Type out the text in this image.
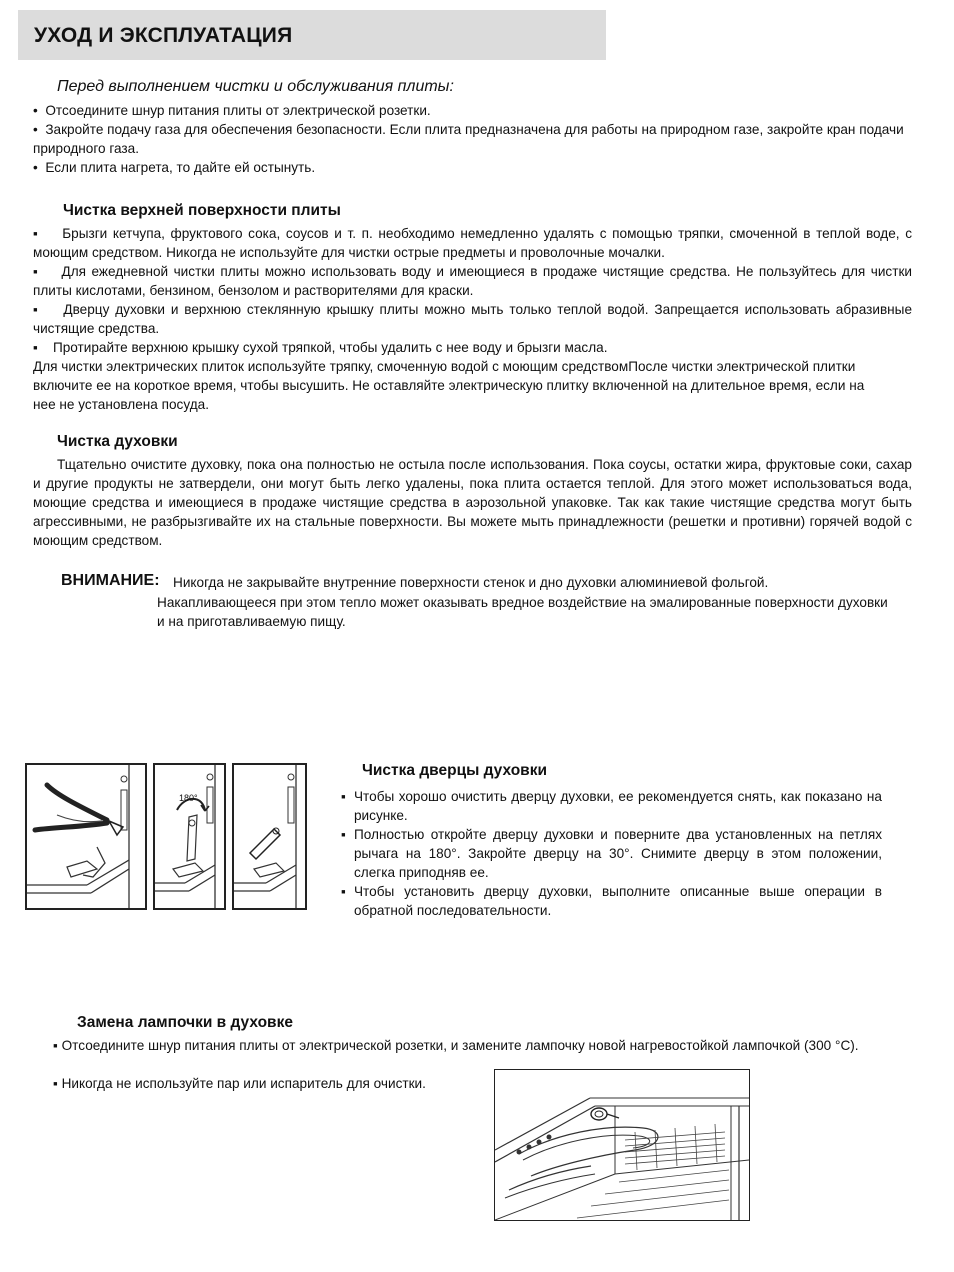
УХОД И ЭКСПЛУАТАЦИЯ

Перед выполнением чистки и обслуживания плиты:

• Отсоедините шнур питания плиты от электрической розетки.

• Закройте подачу газа для обеспечения безопасности. Если плита предназначена для работы на природном газе, закройте кран подачи природного газа.

• Если плита нагрета, то дайте ей остынуть.

Чистка верхней поверхности плиты

▪ Брызги кетчупа, фруктового сока, соусов и т. п. необходимо немедленно удалять с помощью тряпки, смоченной в теплой воде, с моющим средством. Никогда не используйте для чистки острые предметы и проволочные мочалки.

▪ Для ежедневной чистки плиты можно использовать воду и имеющиеся в продаже чистящие средства. Не пользуйтесь для чистки плиты кислотами, бензином, бензолом и растворителями для краски.

▪ Дверцу духовки и верхнюю стеклянную крышку плиты можно мыть только теплой водой. Запрещается использовать абразивные чистящие средства.

▪ Протирайте верхнюю крышку сухой тряпкой, чтобы удалить с нее воду и брызги масла.

Для чистки электрических плиток используйте тряпку, смоченную водой с моющим средствомПосле чистки электрической плитки включите ее на короткое время, чтобы высушить. Не оставляйте электрическую плитку включенной на длительное время, если на нее не установлена посуда.

Чистка духовки

Тщательно очистите духовку, пока она полностью не остыла после использования. Пока соусы, остатки жира, фруктовые соки, сахар и другие продукты не затвердели, они могут быть легко удалены, пока плита остается теплой. Для этого может использоваться вода, моющие средства и имеющиеся в продаже чистящие средства в аэрозольной упаковке. Так как такие чистящие средства могут быть агрессивными, не разбрызгивайте их на стальные поверхности. Вы можете мыть принадлежности (решетки и противни) горячей водой с моющим средством.

ВНИМАНИЕ: Никогда не закрывайте внутренние поверхности стенок и дно духовки алюминиевой фольгой.

Накапливающееся при этом тепло может оказывать вредное воздействие на эмалированные поверхности духовки и на приготавливаемую пищу.

180°
Чистка дверцы духовки
▪ Чтобы хорошо очистить дверцу духовки, ее рекомендуется снять, как показано на рисунке.
▪ Полностью откройте дверцу духовки и поверните два установленных на петлях рычага на 180°. Закройте дверцу на 30°. Снимите дверцу в этом положении, слегка приподняв ее.
▪ Чтобы установить дверцу духовки, выполните описанные выше операции в обратной последовательности.
Замена лампочки в духовке

▪ Отсоедините шнур питания плиты от электрической розетки, и замените лампочку новой нагревостойкой лампочкой (300 °C).

▪ Никогда не используйте пар или испаритель для очистки.
